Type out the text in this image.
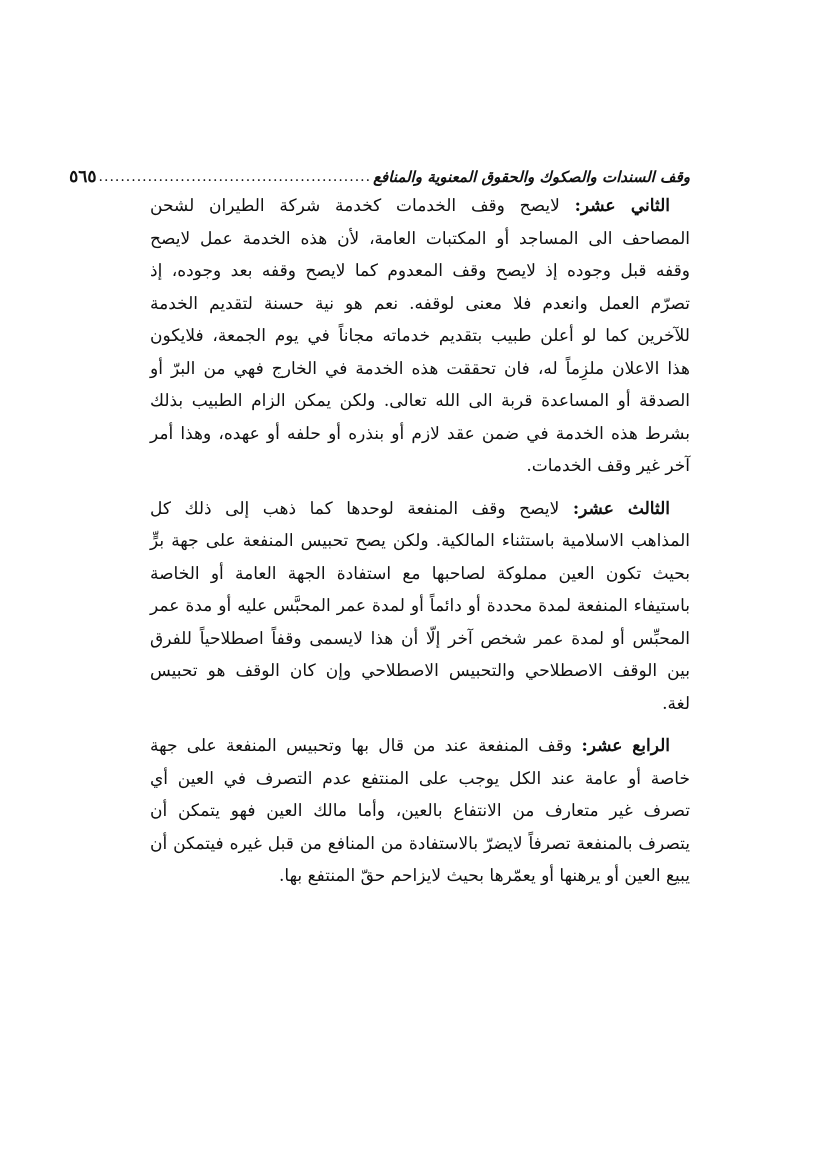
وقف السندات والصكوك والحقوق المعنوية والمنافع
..................................................
٥٦٥
الثاني عشر: لايصح وقف الخدمات كخدمة شركة الطيران لشحن
المصاحف الى المساجد أو المكتبات العامة، لأن هذه الخدمة عمل لايصح
وقفه قبل وجوده إذ لايصح وقف المعدوم كما لايصح وقفه بعد وجوده، إذ
تصرّم العمل وانعدم فلا معنى لوقفه. نعم هو نية حسنة لتقديم الخدمة
للآخرين كما لو أعلن طبيب بتقديم خدماته مجاناً في يوم الجمعة، فلايكون
هذا الاعلان ملزِماً له، فان تحققت هذه الخدمة في الخارج فهي من البرّ أو
الصدقة أو المساعدة قربة الى الله تعالى. ولكن يمكن الزام الطبيب بذلك
بشرط هذه الخدمة في ضمن عقد لازم أو بنذره أو حلفه أو عهده، وهذا أمر
آخر غير وقف الخدمات.
الثالث عشر: لايصح وقف المنفعة لوحدها كما ذهب إلى ذلك كل
المذاهب الاسلامية باستثناء المالكية. ولكن يصح تحبيس المنفعة على جهة برٍّ
بحيث تكون العين مملوكة لصاحبها مع استفادة الجهة العامة أو الخاصة
باستيفاء المنفعة لمدة محددة أو دائماً أو لمدة عمر المحبَّس عليه أو مدة عمر
المحبِّس أو لمدة عمر شخص آخر إلّا أن هذا لايسمى وقفاً اصطلاحياً للفرق
بين الوقف الاصطلاحي والتحبيس الاصطلاحي وإن كان الوقف هو تحبيس
لغة.
الرابع عشر: وقف المنفعة عند من قال بها وتحبيس المنفعة على جهة
خاصة أو عامة عند الكل يوجب على المنتفع عدم التصرف في العين أي
تصرف غير متعارف من الانتفاع بالعين، وأما مالك العين فهو يتمكن أن
يتصرف بالمنفعة تصرفاً لايضرّ بالاستفادة من المنافع من قبل غيره فيتمكن أن
يبيع العين أو يرهنها أو يعمّرها بحيث لايزاحم حقّ المنتفع بها.
